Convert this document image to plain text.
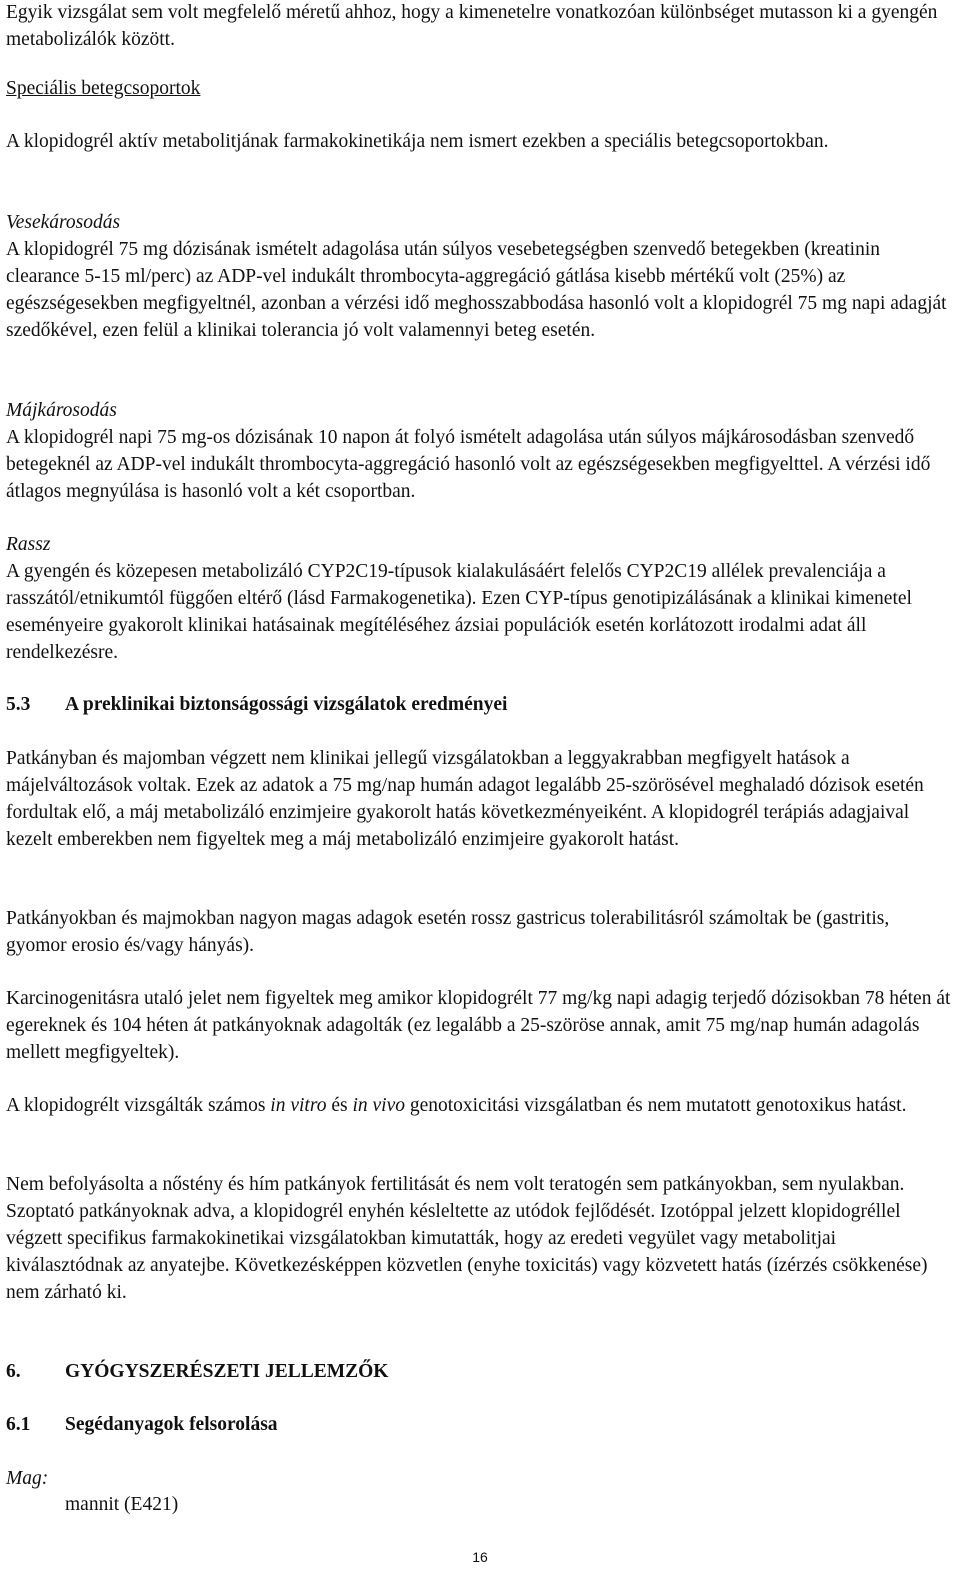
Egyik vizsgálat sem volt megfelelő méretű ahhoz, hogy a kimenetelre vonatkozóan különbséget mutasson ki a gyengén metabolizálók között.

Speciális betegcsoportok

A klopidogrél aktív metabolitjának farmakokinetikája nem ismert ezekben a speciális betegcsoportokban.

Vesekárosodás

A klopidogrél 75 mg dózisának ismételt adagolása után súlyos vesebetegségben szenvedő betegekben (kreatinin clearance 5-15 ml/perc) az ADP-vel indukált thrombocyta-aggregáció gátlása kisebb mértékű volt (25%) az egészségesekben megfigyeltnél, azonban a vérzési idő meghosszabbodása hasonló volt a klopidogrél 75 mg napi adagját szedőkével, ezen felül a klinikai tolerancia jó volt valamennyi beteg esetén.

Májkárosodás

A klopidogrél napi 75 mg-os dózisának 10 napon át folyó ismételt adagolása után súlyos májkárosodásban szenvedő betegeknél az ADP-vel indukált thrombocyta-aggregáció hasonló volt az egészségesekben megfigyelttel. A vérzési idő átlagos megnyúlása is hasonló volt a két csoportban.

Rassz

A gyengén és közepesen metabolizáló CYP2C19-típusok kialakulásáért felelős CYP2C19 allélek prevalenciája a rasszától/etnikumtól függően eltérő (lásd Farmakogenetika). Ezen CYP-típus genotipizálásának a klinikai kimenetel eseményeire gyakorolt klinikai hatásainak megítéléséhez ázsiai populációk esetén korlátozott irodalmi adat áll rendelkezésre.

5.3 A preklinikai biztonságossági vizsgálatok eredményei

Patkányban és majomban végzett nem klinikai jellegű vizsgálatokban a leggyakrabban megfigyelt hatások a májelváltozások voltak. Ezek az adatok a 75 mg/nap humán adagot legalább 25-szörösével meghaladó dózisok esetén fordultak elő, a máj metabolizáló enzimjeire gyakorolt hatás következményeiként. A klopidogrél terápiás adagjaival kezelt emberekben nem figyeltek meg a máj metabolizáló enzimjeire gyakorolt hatást.

Patkányokban és majmokban nagyon magas adagok esetén rossz gastricus tolerabilitásról számoltak be (gastritis, gyomor erosio és/vagy hányás).

Karcinogenitásra utaló jelet nem figyeltek meg amikor klopidogrélt 77 mg/kg napi adagig terjedő dózisokban 78 héten át egereknek és 104 héten át patkányoknak adagolták (ez legalább a 25-szöröse annak, amit 75 mg/nap humán adagolás mellett megfigyeltek).

A klopidogrélt vizsgálták számos in vitro és in vivo genotoxicitási vizsgálatban és nem mutatott genotoxikus hatást.

Nem befolyásolta a nőstény és hím patkányok fertilitását és nem volt teratogén sem patkányokban, sem nyulakban. Szoptató patkányoknak adva, a klopidogrél enyhén késleltette az utódok fejlődését. Izotóppal jelzett klopidogréllel végzett specifikus farmakokinetikai vizsgálatokban kimutatták, hogy az eredeti vegyület vagy metabolitjai kiválasztódnak az anyatejbe. Következésképpen közvetlen (enyhe toxicitás) vagy közvetett hatás (ízérzés csökkenése) nem zárható ki.

6. GYÓGYSZERÉSZETI JELLEMZŐK
6.1 Segédanyagok felsorolása

Mag:

mannit (E421)

16
